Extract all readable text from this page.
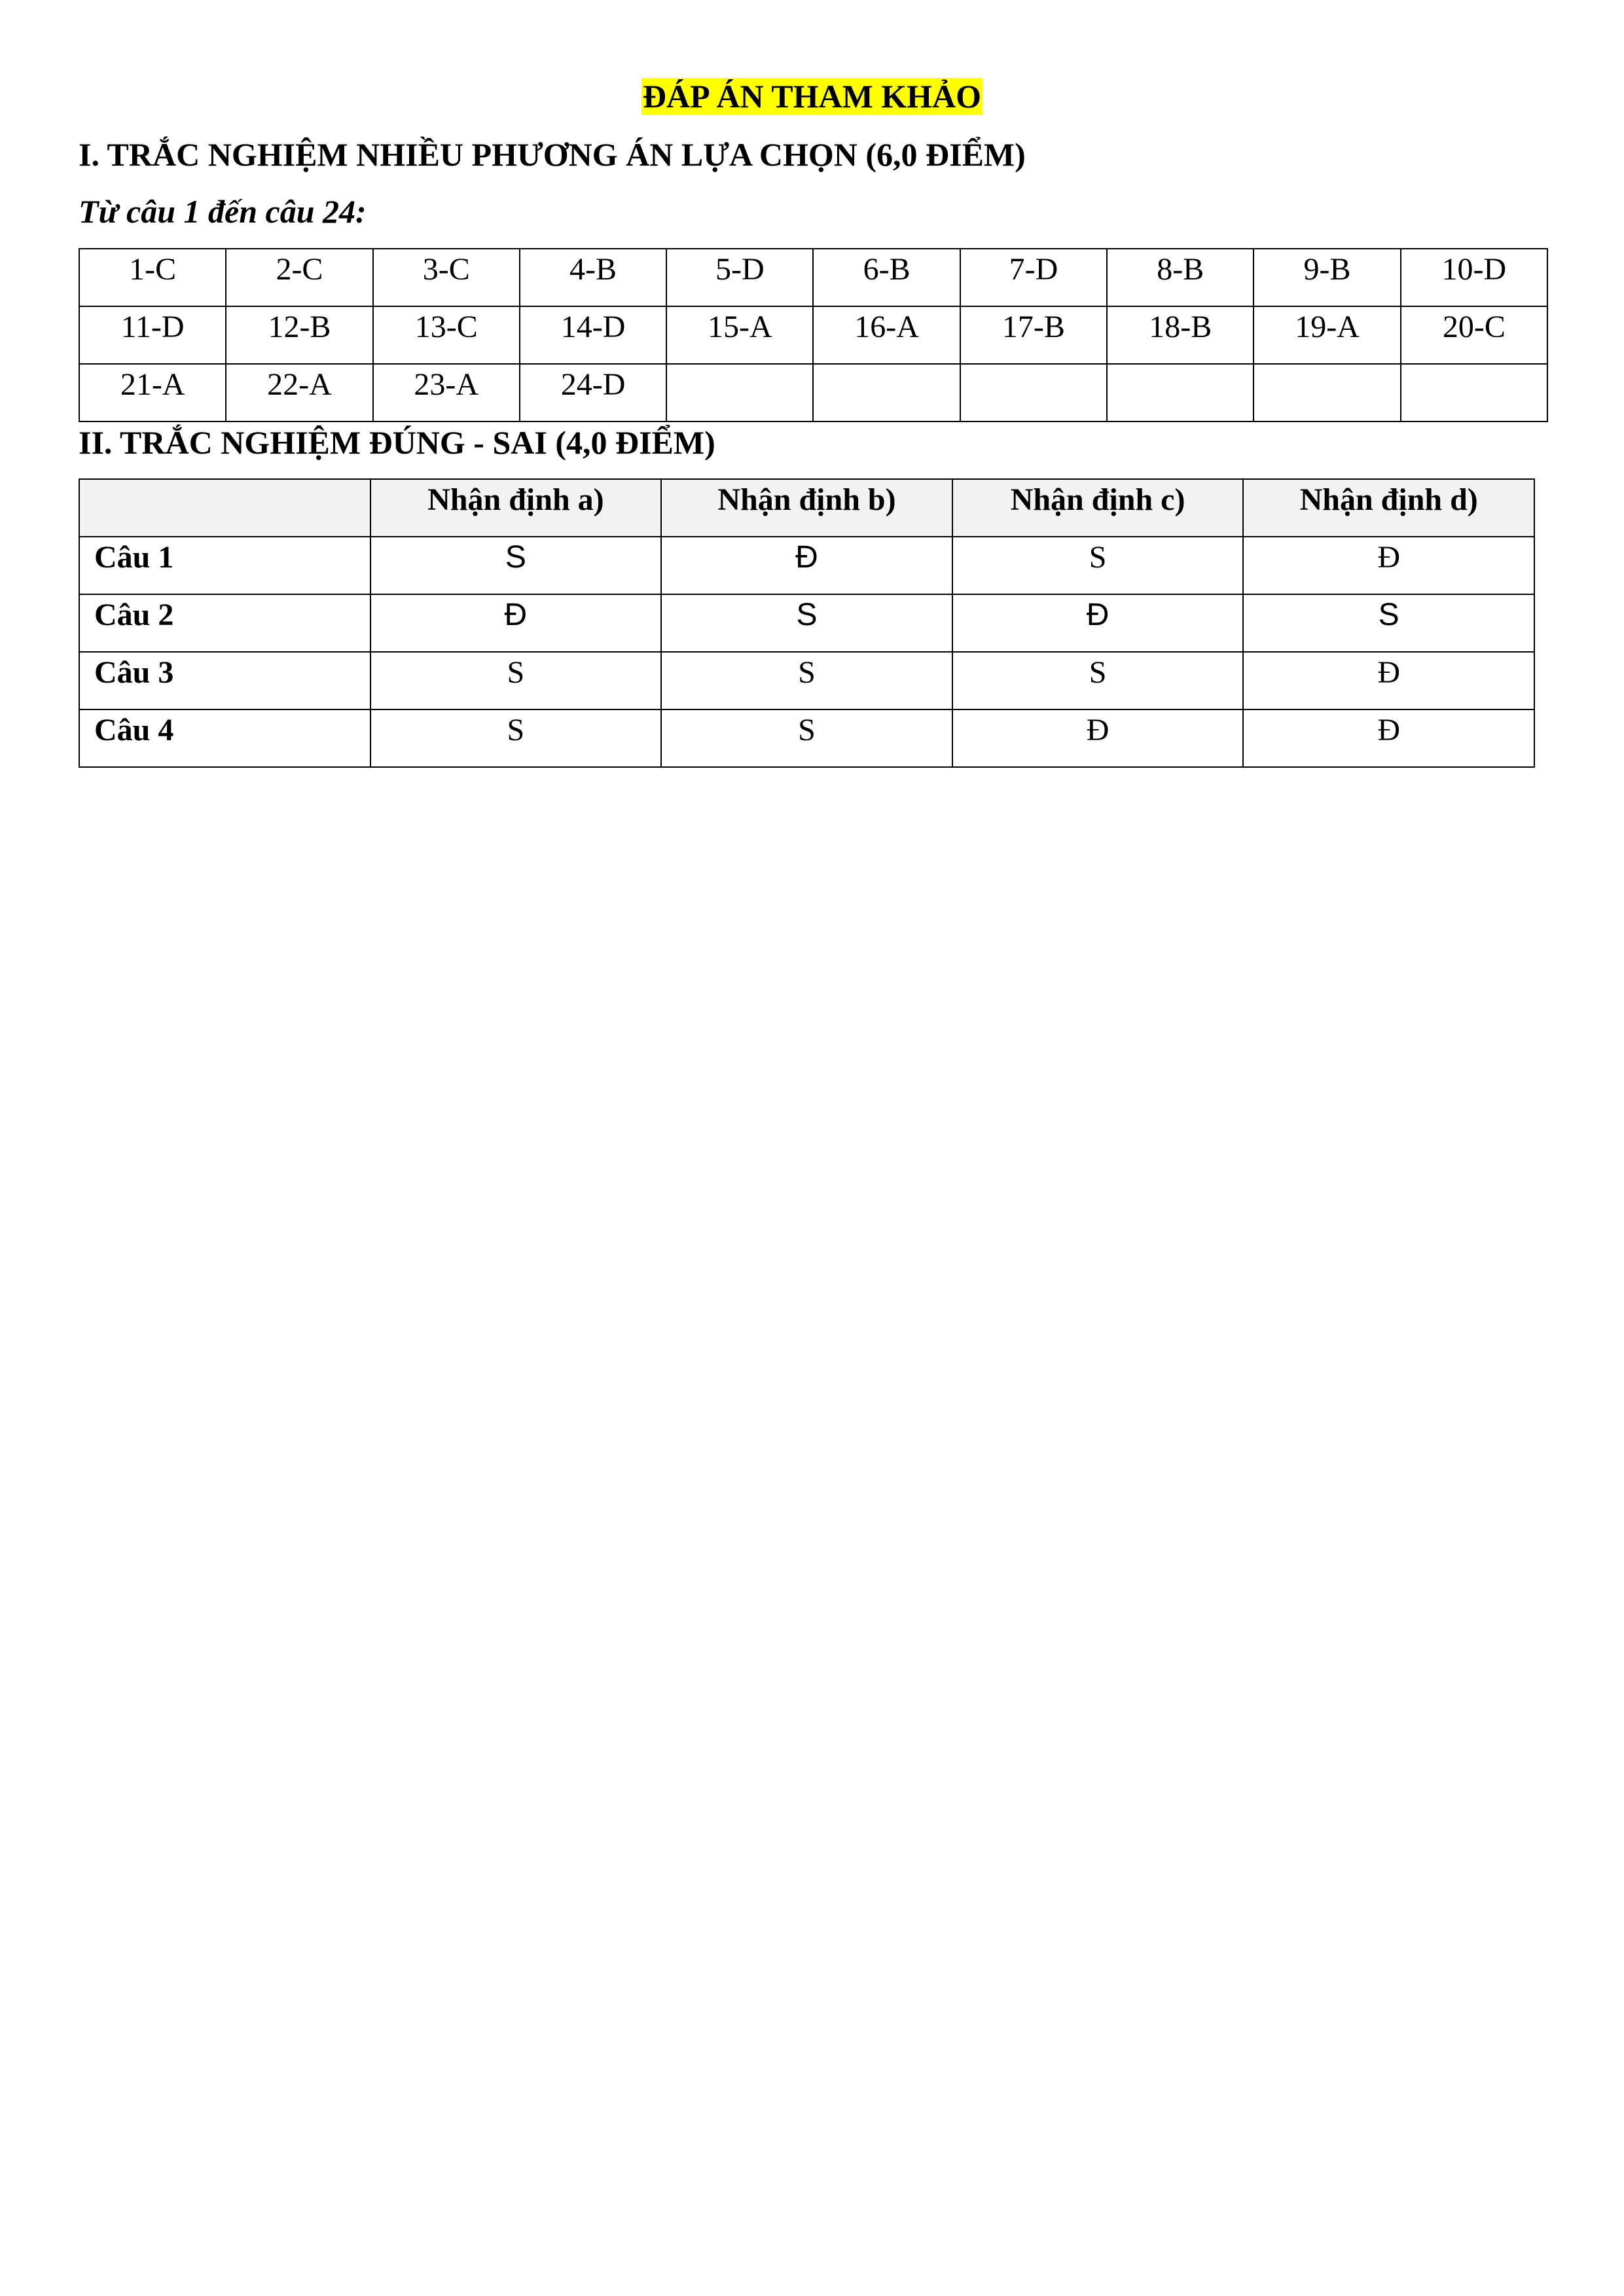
ĐÁP ÁN THAM KHẢO
I. TRẮC NGHIỆM NHIỀU PHƯƠNG ÁN LỰA CHỌN (6,0 ĐIỂM)
Từ câu 1 đến câu 24:
1-C	2-C	3-C	4-B	5-D	6-B	7-D	8-B	9-B	10-D
11-D	12-B	13-C	14-D	15-A	16-A	17-B	18-B	19-A	20-C
21-A	22-A	23-A	24-D						
II. TRẮC NGHIỆM ĐÚNG - SAI (4,0 ĐIỂM)
	Nhận định a)	Nhận định b)	Nhận định c)	Nhận định d)
Câu 1	S	Đ	S	Đ
Câu 2	Đ	S	Đ	S
Câu 3	S	S	S	Đ
Câu 4	S	S	Đ	Đ
